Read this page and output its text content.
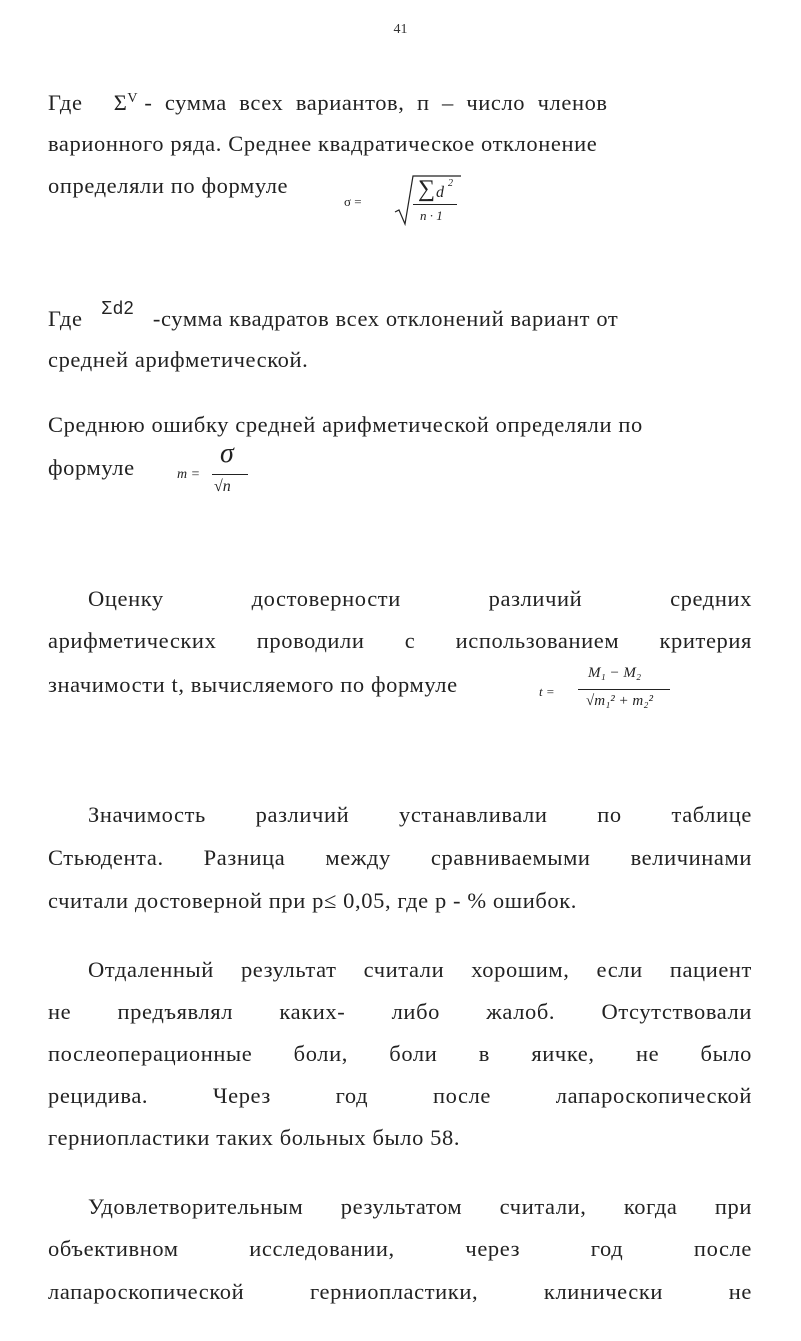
41
Где $\Sigma^V$ -  сумма  всех  вариантов,  п  –  число  членов
варионного ряда. Среднее квадратическое отклонение
определяли по формуле
σ = ∑ d
2
n · 1
Где $^{\Sigma d2}$ -сумма квадратов всех отклонений вариант от
средней арифметической.
Среднюю ошибку средней арифметической определяли по
формуле	m =
σ
√n
Оценку достоверности различий средних
арифметических проводили с использованием критерия
значимости t, вычисляемого по формуле	t =
M₁ − M₂
√m₁² + m₂²
Значимость различий устанавливали по таблице
Стьюдента. Разница между сравниваемыми величинами
считали достоверной при р≤ 0,05, где р - % ошибок.
Отдаленный результат считали хорошим, если пациент
не предъявлял каких- либо жалоб. Отсутствовали
послеоперационные боли, боли в яичке, не было
рецидива. Через год после лапароскопической
герниопластики таких больных было 58.
Удовлетворительным результатом считали, когда при
объективном исследовании, через год после
лапароскопической герниопластики, клинически не
